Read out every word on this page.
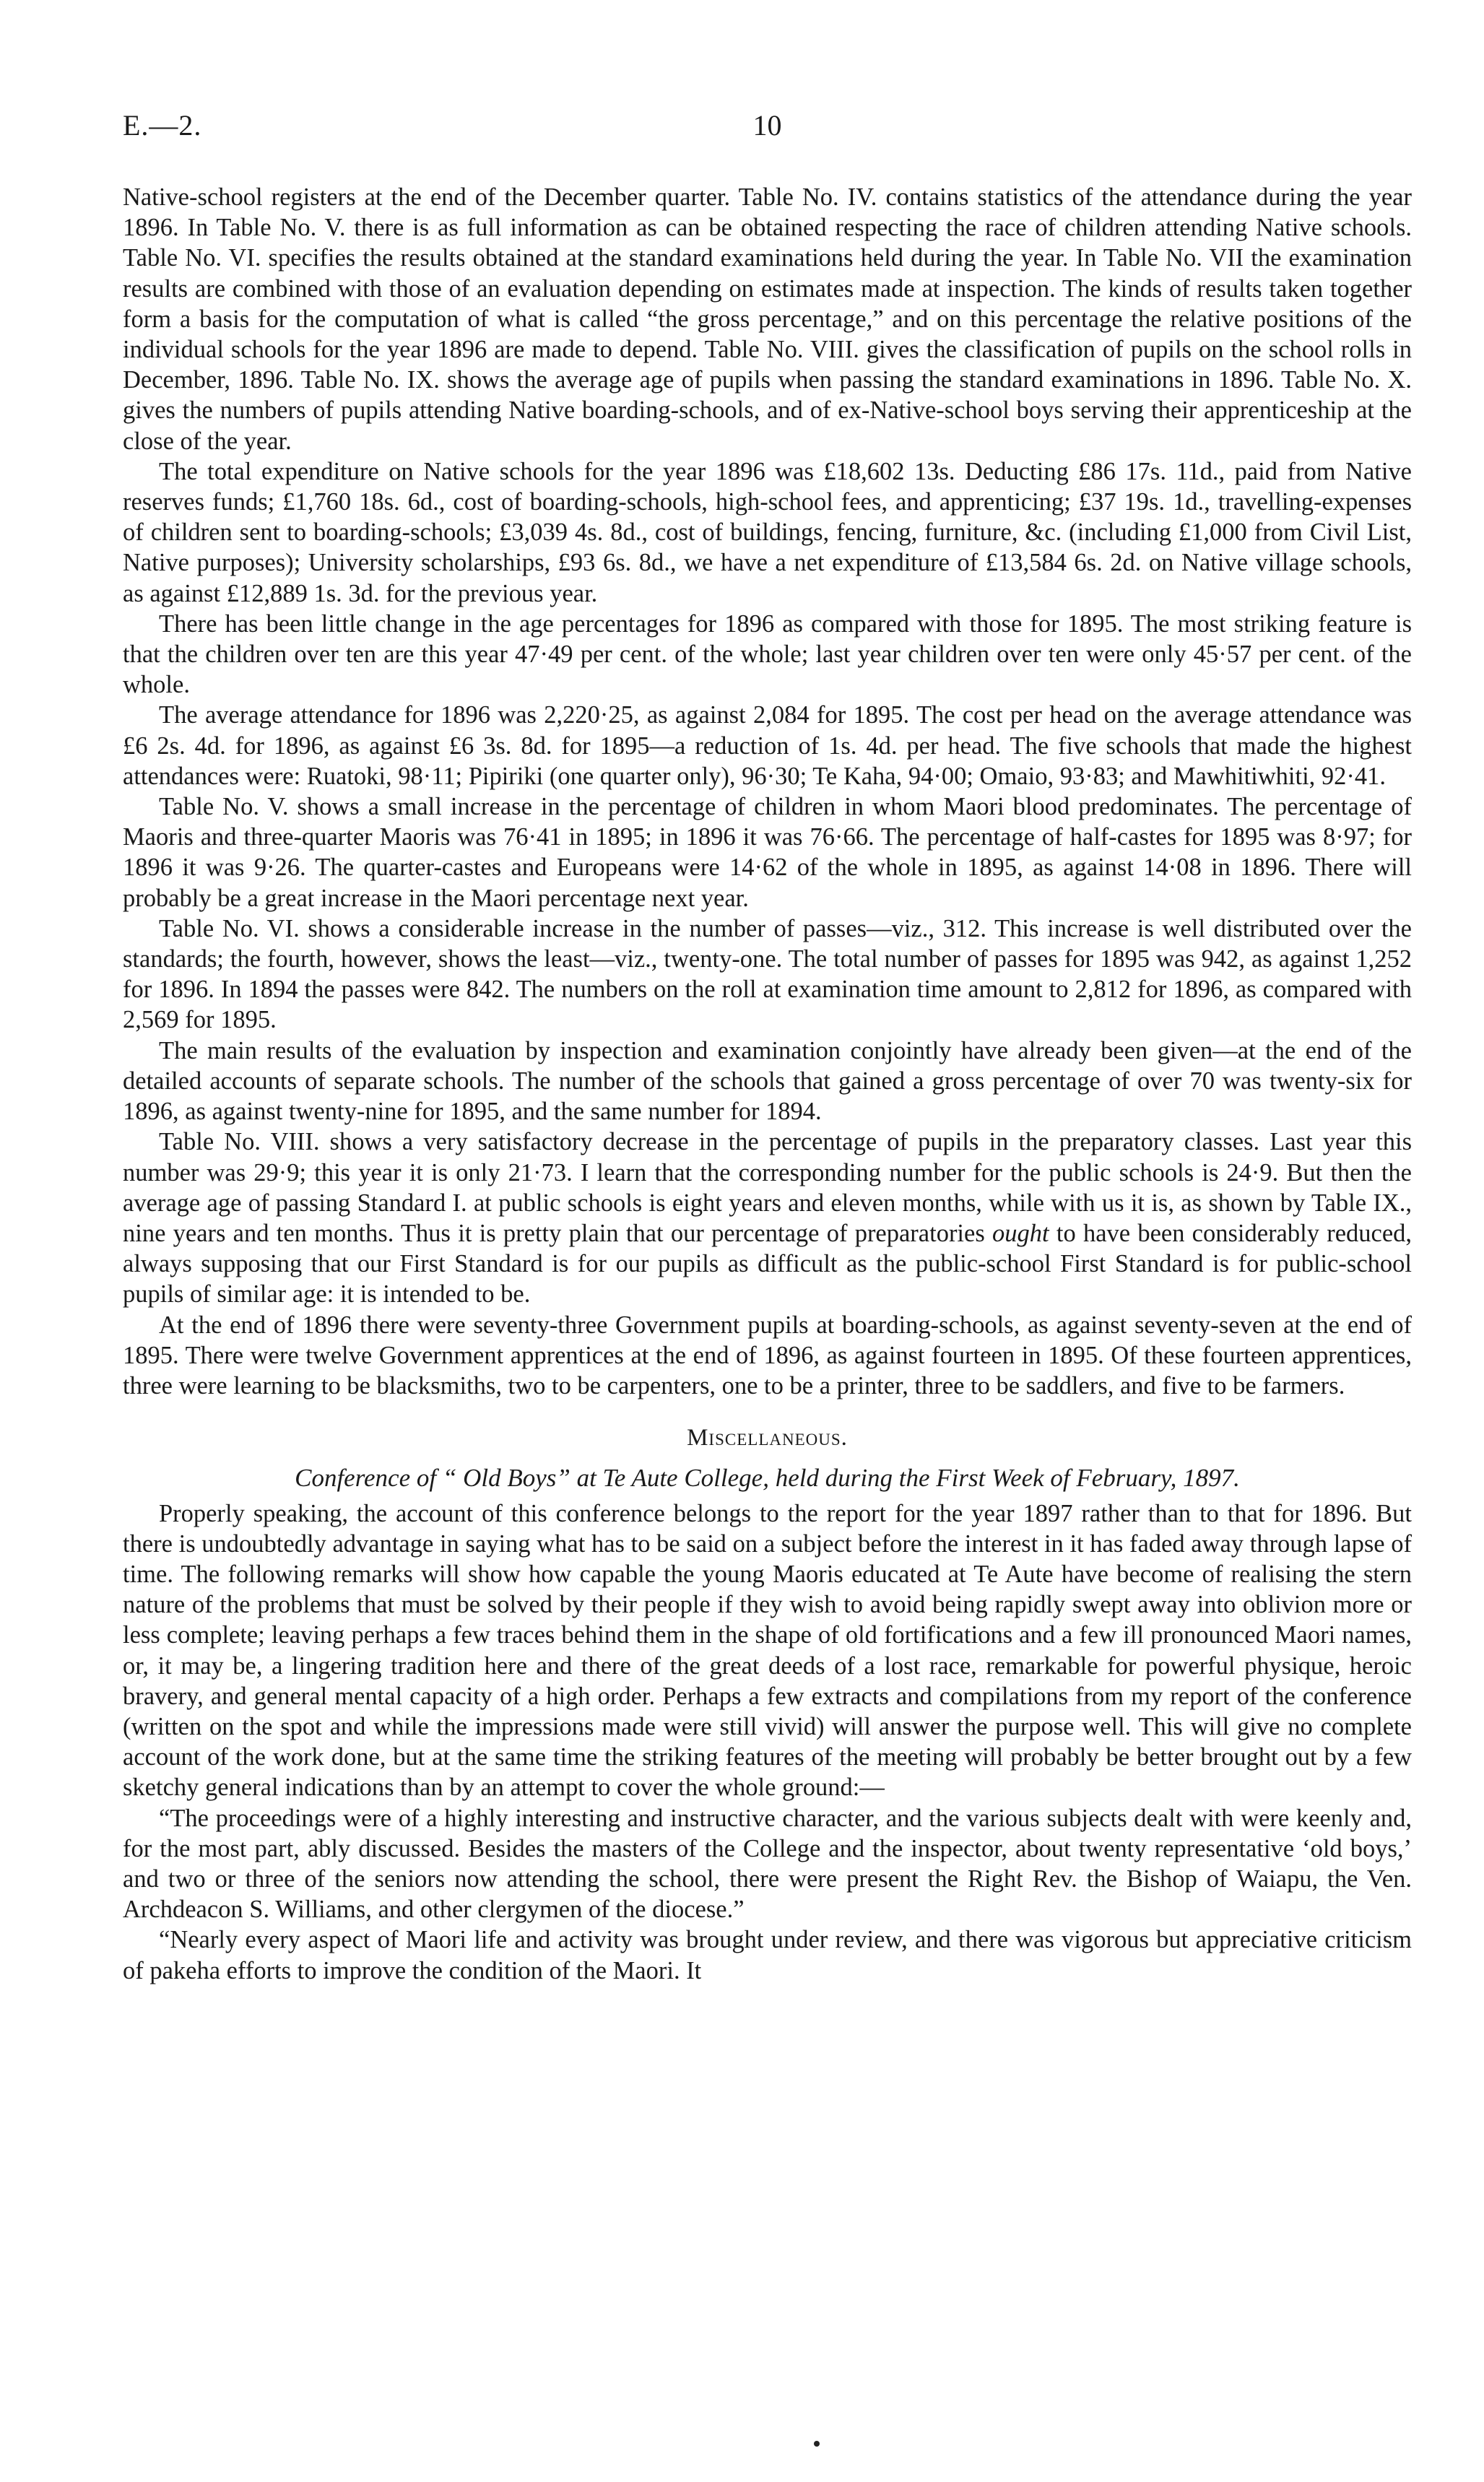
E.—2.	10

Native-school registers at the end of the December quarter. Table No. IV. contains statistics of the attendance during the year 1896. In Table No. V. there is as full information as can be obtained respecting the race of children attending Native schools. Table No. VI. specifies the results obtained at the standard examinations held during the year. In Table No. VII the examination results are combined with those of an evaluation depending on estimates made at inspection. The kinds of results taken together form a basis for the computation of what is called “the gross percentage,” and on this percentage the relative positions of the individual schools for the year 1896 are made to depend. Table No. VIII. gives the classification of pupils on the school rolls in December, 1896. Table No. IX. shows the average age of pupils when passing the standard examinations in 1896. Table No. X. gives the numbers of pupils attending Native boarding-schools, and of ex-Native-school boys serving their apprenticeship at the close of the year.

The total expenditure on Native schools for the year 1896 was £18,602 13s. Deducting £86 17s. 11d., paid from Native reserves funds; £1,760 18s. 6d., cost of boarding-schools, high-school fees, and apprenticing; £37 19s. 1d., travelling-expenses of children sent to boarding-schools; £3,039 4s. 8d., cost of buildings, fencing, furniture, &c. (including £1,000 from Civil List, Native purposes); University scholarships, £93 6s. 8d., we have a net expenditure of £13,584 6s. 2d. on Native village schools, as against £12,889 1s. 3d. for the previous year.

There has been little change in the age percentages for 1896 as compared with those for 1895. The most striking feature is that the children over ten are this year 47·49 per cent. of the whole; last year children over ten were only 45·57 per cent. of the whole.

The average attendance for 1896 was 2,220·25, as against 2,084 for 1895. The cost per head on the average attendance was £6 2s. 4d. for 1896, as against £6 3s. 8d. for 1895—a reduction of 1s. 4d. per head. The five schools that made the highest attendances were: Ruatoki, 98·11; Pipiriki (one quarter only), 96·30; Te Kaha, 94·00; Omaio, 93·83; and Mawhitiwhiti, 92·41.

Table No. V. shows a small increase in the percentage of children in whom Maori blood predominates. The percentage of Maoris and three-quarter Maoris was 76·41 in 1895; in 1896 it was 76·66. The percentage of half-castes for 1895 was 8·97; for 1896 it was 9·26. The quarter-castes and Europeans were 14·62 of the whole in 1895, as against 14·08 in 1896. There will probably be a great increase in the Maori percentage next year.

Table No. VI. shows a considerable increase in the number of passes—viz., 312. This increase is well distributed over the standards; the fourth, however, shows the least—viz., twenty-one. The total number of passes for 1895 was 942, as against 1,252 for 1896. In 1894 the passes were 842. The numbers on the roll at examination time amount to 2,812 for 1896, as compared with 2,569 for 1895.

The main results of the evaluation by inspection and examination conjointly have already been given—at the end of the detailed accounts of separate schools. The number of the schools that gained a gross percentage of over 70 was twenty-six for 1896, as against twenty-nine for 1895, and the same number for 1894.

Table No. VIII. shows a very satisfactory decrease in the percentage of pupils in the preparatory classes. Last year this number was 29·9; this year it is only 21·73. I learn that the corresponding number for the public schools is 24·9. But then the average age of passing Standard I. at public schools is eight years and eleven months, while with us it is, as shown by Table IX., nine years and ten months. Thus it is pretty plain that our percentage of preparatories ought to have been considerably reduced, always supposing that our First Standard is for our pupils as difficult as the public-school First Standard is for public-school pupils of similar age: it is intended to be.

At the end of 1896 there were seventy-three Government pupils at boarding-schools, as against seventy-seven at the end of 1895. There were twelve Government apprentices at the end of 1896, as against fourteen in 1895. Of these fourteen apprentices, three were learning to be blacksmiths, two to be carpenters, one to be a printer, three to be saddlers, and five to be farmers.

Miscellaneous.
Conference of “ Old Boys” at Te Aute College, held during the First Week of February, 1897.

Properly speaking, the account of this conference belongs to the report for the year 1897 rather than to that for 1896. But there is undoubtedly advantage in saying what has to be said on a subject before the interest in it has faded away through lapse of time. The following remarks will show how capable the young Maoris educated at Te Aute have become of realising the stern nature of the problems that must be solved by their people if they wish to avoid being rapidly swept away into oblivion more or less complete; leaving perhaps a few traces behind them in the shape of old fortifications and a few ill pronounced Maori names, or, it may be, a lingering tradition here and there of the great deeds of a lost race, remarkable for powerful physique, heroic bravery, and general mental capacity of a high order. Perhaps a few extracts and compilations from my report of the conference (written on the spot and while the impressions made were still vivid) will answer the purpose well. This will give no complete account of the work done, but at the same time the striking features of the meeting will probably be better brought out by a few sketchy general indications than by an attempt to cover the whole ground:—

“The proceedings were of a highly interesting and instructive character, and the various subjects dealt with were keenly and, for the most part, ably discussed. Besides the masters of the College and the inspector, about twenty representative ‘old boys,’ and two or three of the seniors now attending the school, there were present the Right Rev. the Bishop of Waiapu, the Ven. Archdeacon S. Williams, and other clergymen of the diocese.”

“Nearly every aspect of Maori life and activity was brought under review, and there was vigorous but appreciative criticism of pakeha efforts to improve the condition of the Maori. It
